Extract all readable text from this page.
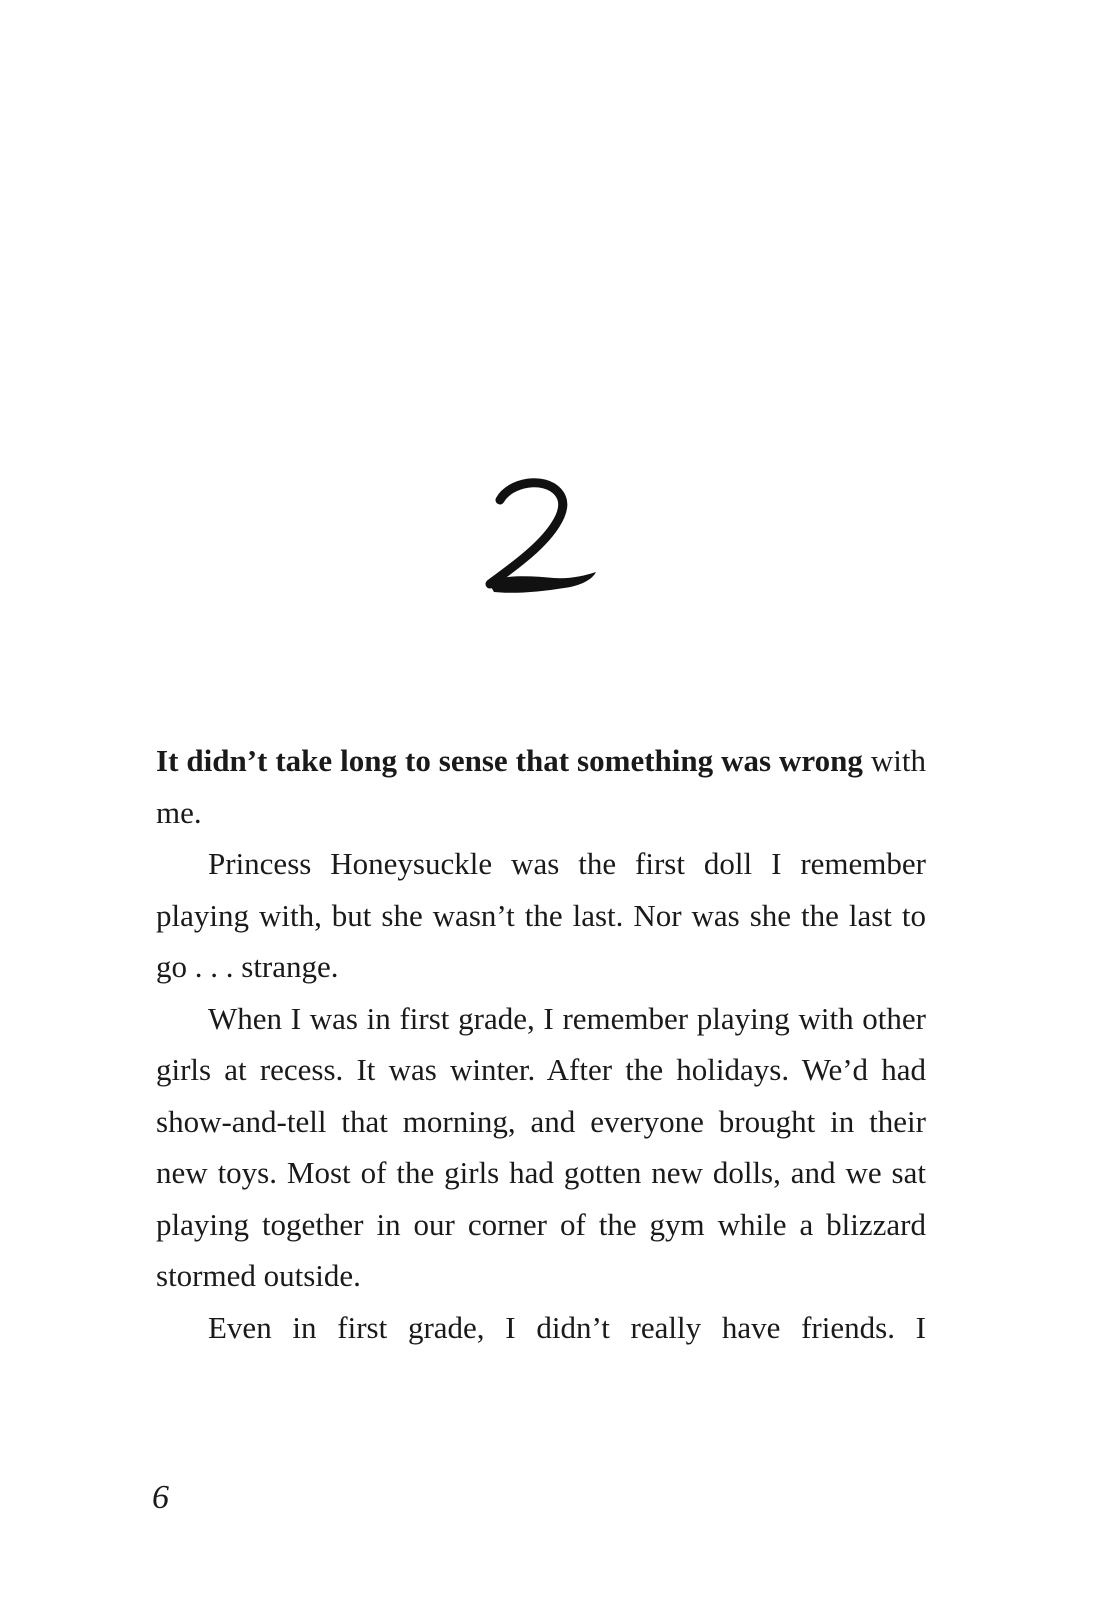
It didn’t take long to sense that something was wrong with me.

Princess Honeysuckle was the first doll I remember playing with, but she wasn’t the last. Nor was she the last to go . . . strange.

When I was in first grade, I remember playing with other girls at recess. It was winter. After the holidays. We’d had show-and-tell that morning, and everyone brought in their new toys. Most of the girls had gotten new dolls, and we sat playing together in our corner of the gym while a blizzard stormed outside.

Even in first grade, I didn’t really have friends. I

6
